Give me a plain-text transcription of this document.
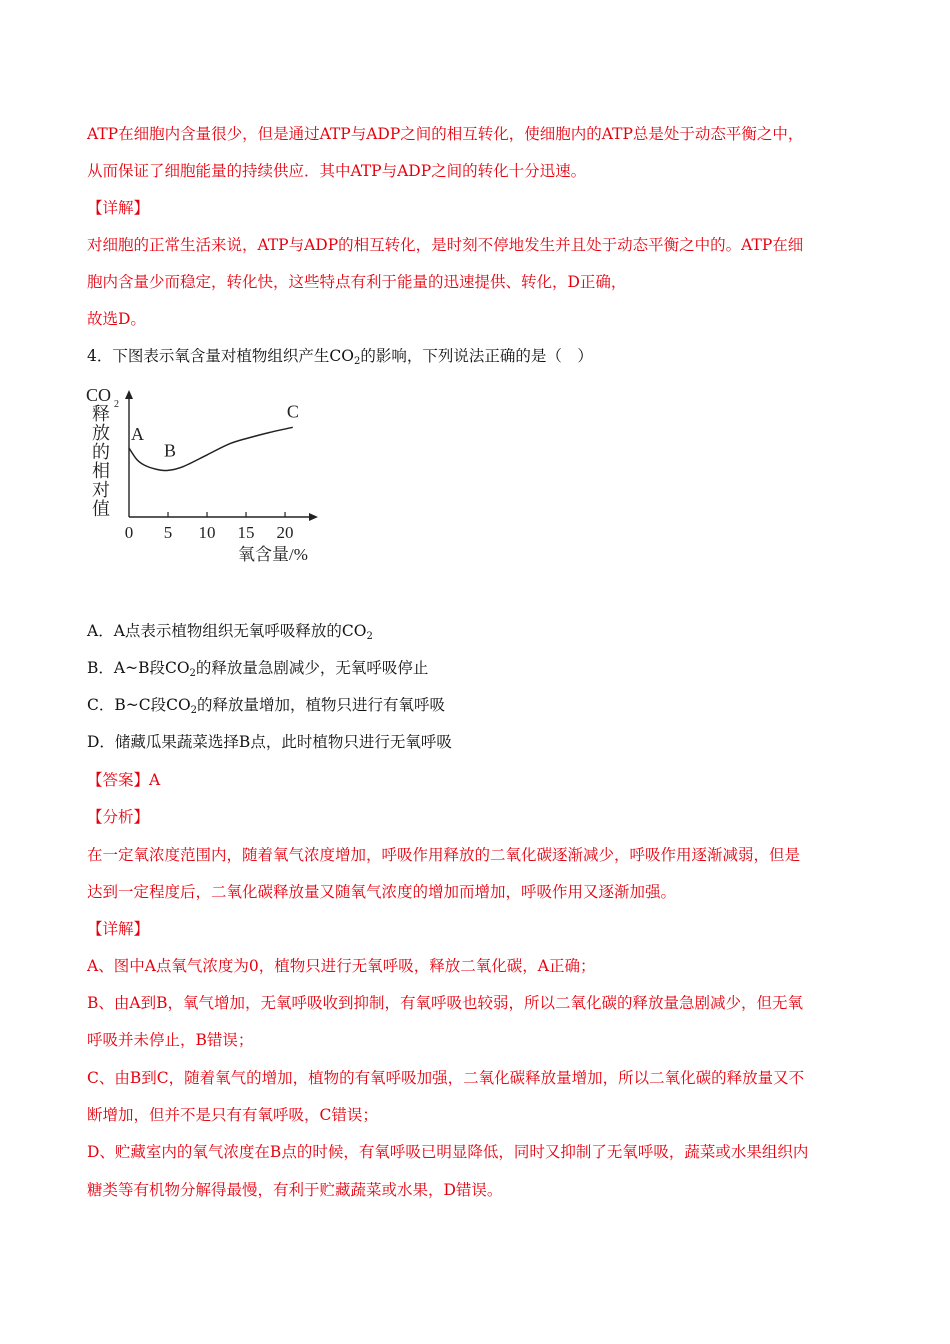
ATP在细胞内含量很少，但是通过ATP与ADP之间的相互转化，使细胞内的ATP总是处于动态平衡之中，
从而保证了细胞能量的持续供应．其中ATP与ADP之间的转化十分迅速。
【详解】
对细胞的正常生活来说，ATP与ADP的相互转化，是时刻不停地发生并且处于动态平衡之中的。ATP在细
胞内含量少而稳定，转化快，这些特点有利于能量的迅速提供、转化，D正确，
故选D。
4．下图表示氧含量对植物组织产生$CO_2$的影响，下列说法正确的是（　）
CO 2
释
放
的
相
对
值
0 5 10 15 20
A
B
C
氧含量/%
A．A点表示植物组织无氧呼吸释放的$CO_2$
B．A~B段$CO_2$的释放量急剧减少，无氧呼吸停止
C．B~C段$CO_2$的释放量增加，植物只进行有氧呼吸
D．储藏瓜果蔬菜选择B点，此时植物只进行无氧呼吸
【答案】A
【分析】
在一定氧浓度范围内，随着氧气浓度增加，呼吸作用释放的二氧化碳逐渐减少，呼吸作用逐渐减弱，但是
达到一定程度后，二氧化碳释放量又随氧气浓度的增加而增加，呼吸作用又逐渐加强。
【详解】
A、图中A点氧气浓度为0，植物只进行无氧呼吸，释放二氧化碳，A正确；
B、由A到B，氧气增加，无氧呼吸收到抑制，有氧呼吸也较弱，所以二氧化碳的释放量急剧减少，但无氧
呼吸并未停止，B错误；
C、由B到C，随着氧气的增加，植物的有氧呼吸加强，二氧化碳释放量增加，所以二氧化碳的释放量又不
断增加，但并不是只有有氧呼吸，C错误；
D、贮藏室内的氧气浓度在B点的时候，有氧呼吸已明显降低，同时又抑制了无氧呼吸，蔬菜或水果组织内
糖类等有机物分解得最慢，有利于贮藏蔬菜或水果，D错误。
